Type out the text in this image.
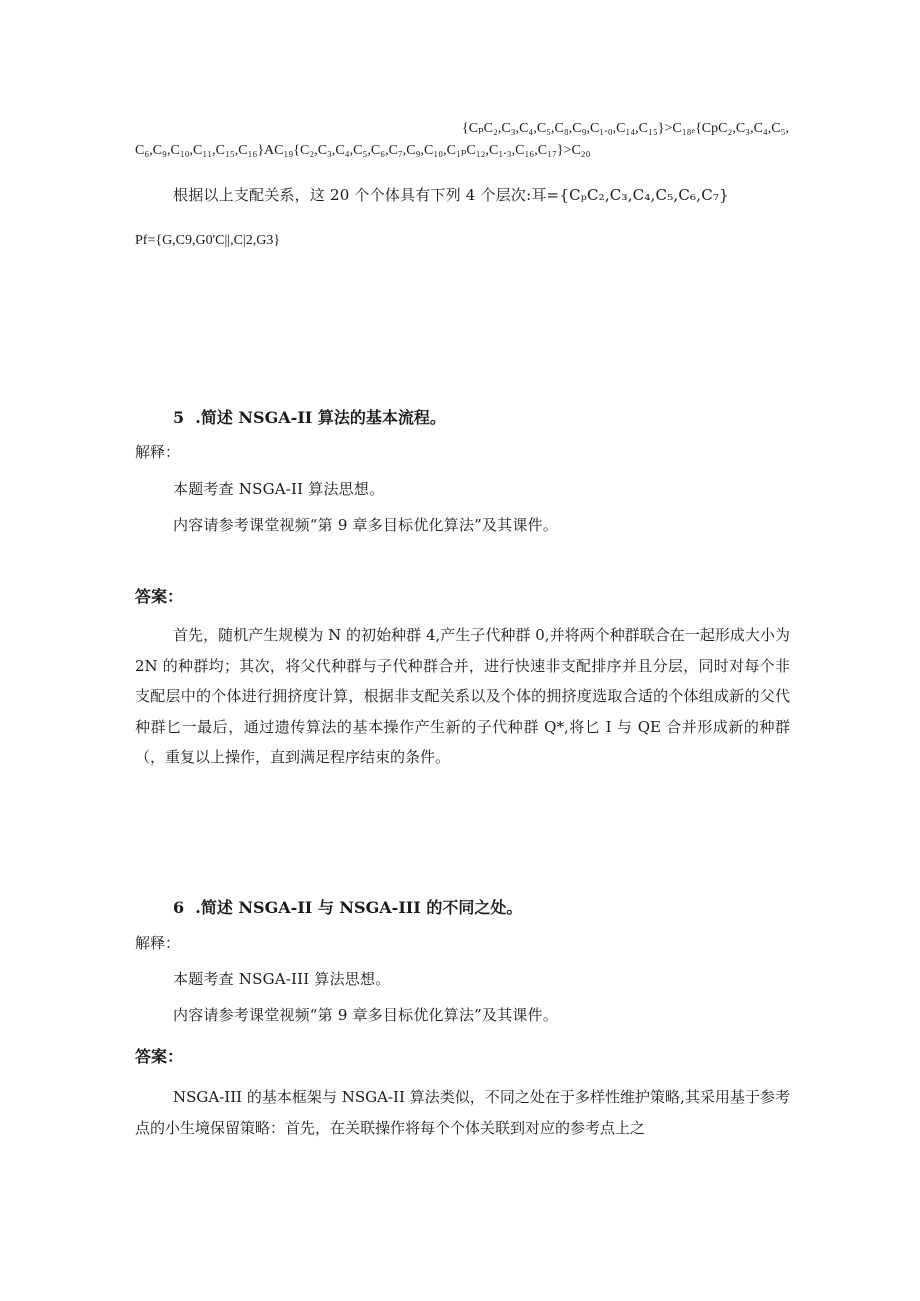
{CₚC₂,C₃,C₄,C₅,C₈,C₉,C₁.₀,C₁₄,C₁₅}>C₁₈ₑ{CpC₂,C₃,C₄,C₅,
C₆,C₉,C₁₀,C₁₁,C₁₅,C₁₆}AC₁₉{C₂,C₃,C₄,C₅,C₆,C₇,C₉,C₁₀,C₁ₚC₁₂,C₁.₃,C₁₆,C₁₇}>C₂₀
根据以上支配关系，这 20 个个体具有下列 4 个层次:耳={CₚC₂,C₃,C₄,C₅,C₆,C₇}
Pf={G,C9,G0'C||,C|2,G3}
5  .简述 NSGA-II 算法的基本流程。
解释：
本题考查 NSGA-II 算法思想。
内容请参考课堂视频“第 9 章多目标优化算法”及其课件。
答案：
首先，随机产生规模为 N 的初始种群 4,产生子代种群 0,并将两个种群联合在一起形成大小为 2N 的种群均；其次，将父代种群与子代种群合并，进行快速非支配排序并且分层，同时对每个非支配层中的个体进行拥挤度计算，根据非支配关系以及个体的拥挤度选取合适的个体组成新的父代种群匕一最后，通过遗传算法的基本操作产生新的子代种群 Q*,将匕 I 与 QE 合并形成新的种群（，重复以上操作，直到满足程序结束的条件。
6  .简述 NSGA-II 与 NSGA-III 的不同之处。
解释：
本题考查 NSGA-III 算法思想。
内容请参考课堂视频“第 9 章多目标优化算法”及其课件。
答案：
NSGA-III 的基本框架与 NSGA-II 算法类似，不同之处在于多样性维护策略,其采用基于参考点的小生境保留策略：首先，在关联操作将每个个体关联到对应的参考点上之
